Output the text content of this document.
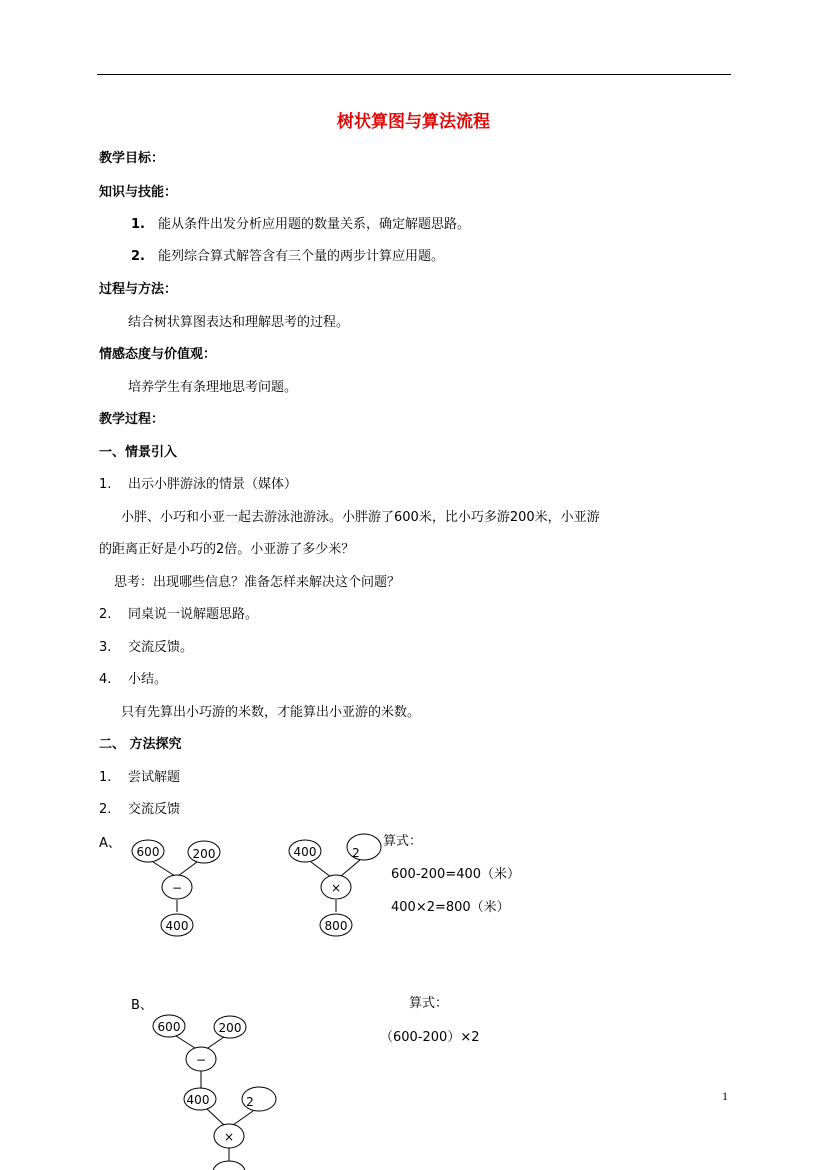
树状算图与算法流程
教学目标：
知识与技能：
1. 能从条件出发分析应用题的数量关系，确定解题思路。
2. 能列综合算式解答含有三个量的两步计算应用题。
过程与方法：
结合树状算图表达和理解思考的过程。
情感态度与价值观：
培养学生有条理地思考问题。
教学过程：
一、情景引入
1. 出示小胖游泳的情景（媒体）
小胖、小巧和小亚一起去游泳池游泳。小胖游了600米，比小巧多游200米，小亚游
的距离正好是小巧的2倍。小亚游了多少米？
思考：出现哪些信息？准备怎样来解决这个问题？
2. 同桌说一说解题思路。
3. 交流反馈。
4. 小结。
只有先算出小巧游的米数，才能算出小亚游的米数。
二、 方法探究
1. 尝试解题
2. 交流反馈
A、	算式：
600-200=400（米）
400×2=800（米）
600	200
−
400
400	2
×
800
600	200
−
400	2
×
B、	算式：
（600-200）×2
1
